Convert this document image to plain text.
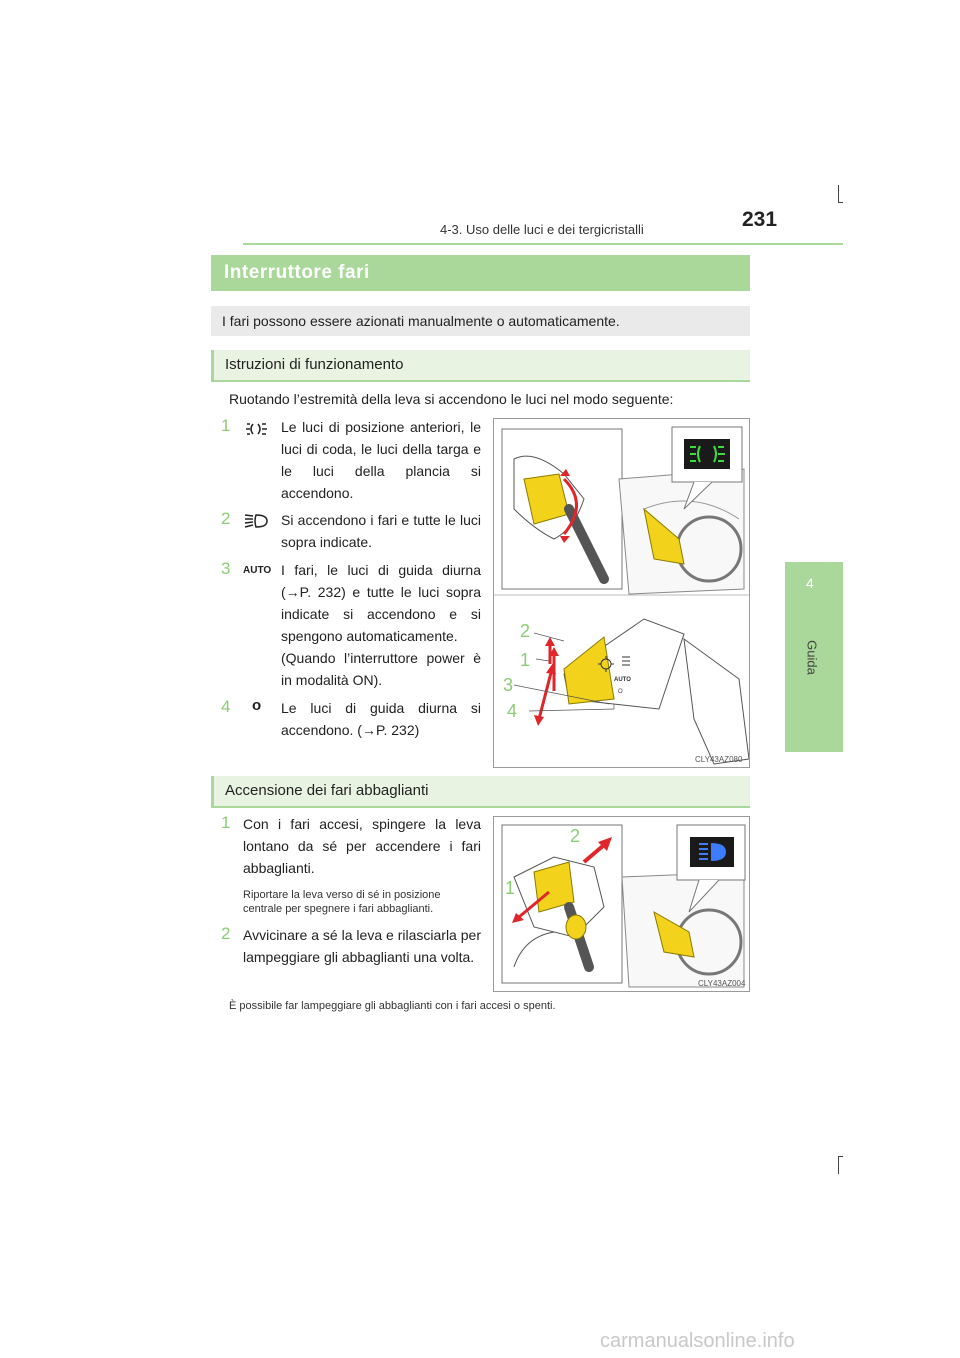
4-3. Uso delle luci e dei tergicristalli	231
4
Guida
Interruttore fari
I fari possono essere azionati manualmente o automaticamente.
Istruzioni di funzionamento
Ruotando l’estremità della leva si accendono le luci nel modo seguente:
1	Le luci di posizione anteriori, le luci di coda, le luci della targa e le luci della plancia si accendono.
2	Si accendono i fari e tutte le luci sopra indicate.
3 AUTO I fari, le luci di guida diurna (→P. 232) e tutte le luci sopra indicate si accendono e si spengono automaticamente.
(Quando l’interruttore power è in modalità ON).
4 o Le luci di guida diurna si accendono. (→P. 232)
AUTO
O
2
1
3
4
CLY43AZ080
Accensione dei fari abbaglianti
1 Con i fari accesi, spingere la leva lontano da sé per accendere i fari abbaglianti.
Riportare la leva verso di sé in posizione centrale per spegnere i fari abbaglianti.
2 Avvicinare a sé la leva e rilasciarla per lampeggiare gli abbaglianti una volta.
È possibile far lampeggiare gli abbaglianti con i fari accesi o spenti.
2
1
CLY43AZ004
carmanualsonline.info
